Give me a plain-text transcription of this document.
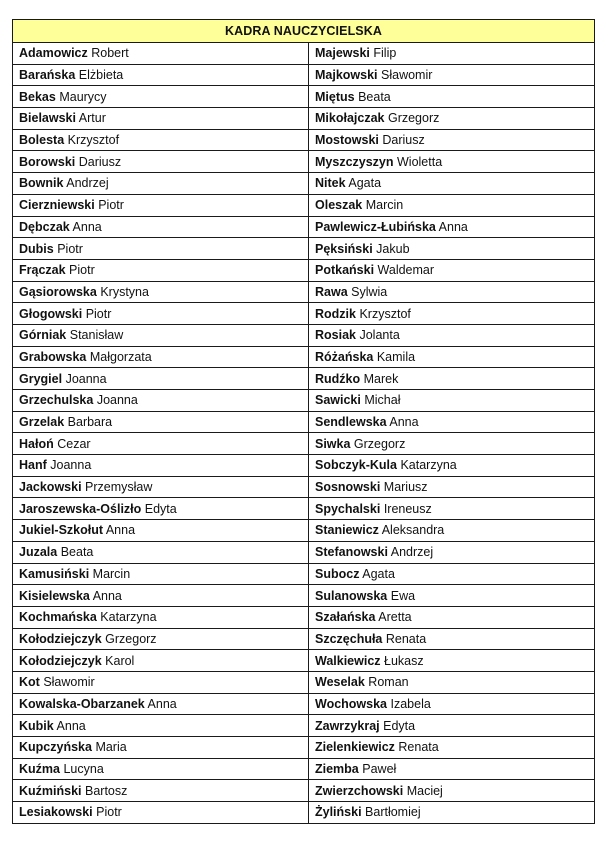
KADRA NAUCZYCIELSKA	
Adamowicz Robert	Majewski Filip
Barańska Elżbieta	Majkowski Sławomir
Bekas Maurycy	Miętus Beata
Bielawski Artur	Mikołajczak Grzegorz
Bolesta Krzysztof	Mostowski Dariusz
Borowski Dariusz	Myszczyszyn Wioletta
Bownik Andrzej	Nitek Agata
Cierzniewski Piotr	Oleszak Marcin
Dębczak Anna	Pawlewicz-Łubińska Anna
Dubis Piotr	Pęksiński Jakub
Frączak Piotr	Potkański Waldemar
Gąsiorowska Krystyna	Rawa Sylwia
Głogowski Piotr	Rodzik Krzysztof
Górniak Stanisław	Rosiak Jolanta
Grabowska Małgorzata	Różańska Kamila
Grygiel Joanna	Rudźko Marek
Grzechulska Joanna	Sawicki Michał
Grzelak Barbara	Sendlewska Anna
Hałoń Cezar	Siwka Grzegorz
Hanf Joanna	Sobczyk-Kula Katarzyna
Jackowski Przemysław	Sosnowski Mariusz
Jaroszewska-Oślizło Edyta	Spychalski Ireneusz
Jukiel-Szkołut Anna	Staniewicz Aleksandra
Juzala Beata	Stefanowski Andrzej
Kamusiński Marcin	Subocz Agata
Kisielewska Anna	Sulanowska Ewa
Kochmańska Katarzyna	Szałańska Aretta
Kołodziejczyk Grzegorz	Szczęchuła Renata
Kołodziejczyk Karol	Walkiewicz Łukasz
Kot Sławomir	Weselak Roman
Kowalska-Obarzanek Anna	Wochowska Izabela
Kubik Anna	Zawrzykraj Edyta
Kupczyńska Maria	Zielenkiewicz Renata
Kuźma Lucyna	Ziemba Paweł
Kuźmiński Bartosz	Zwierzchowski Maciej
Lesiakowski Piotr	Żyliński Bartłomiej
